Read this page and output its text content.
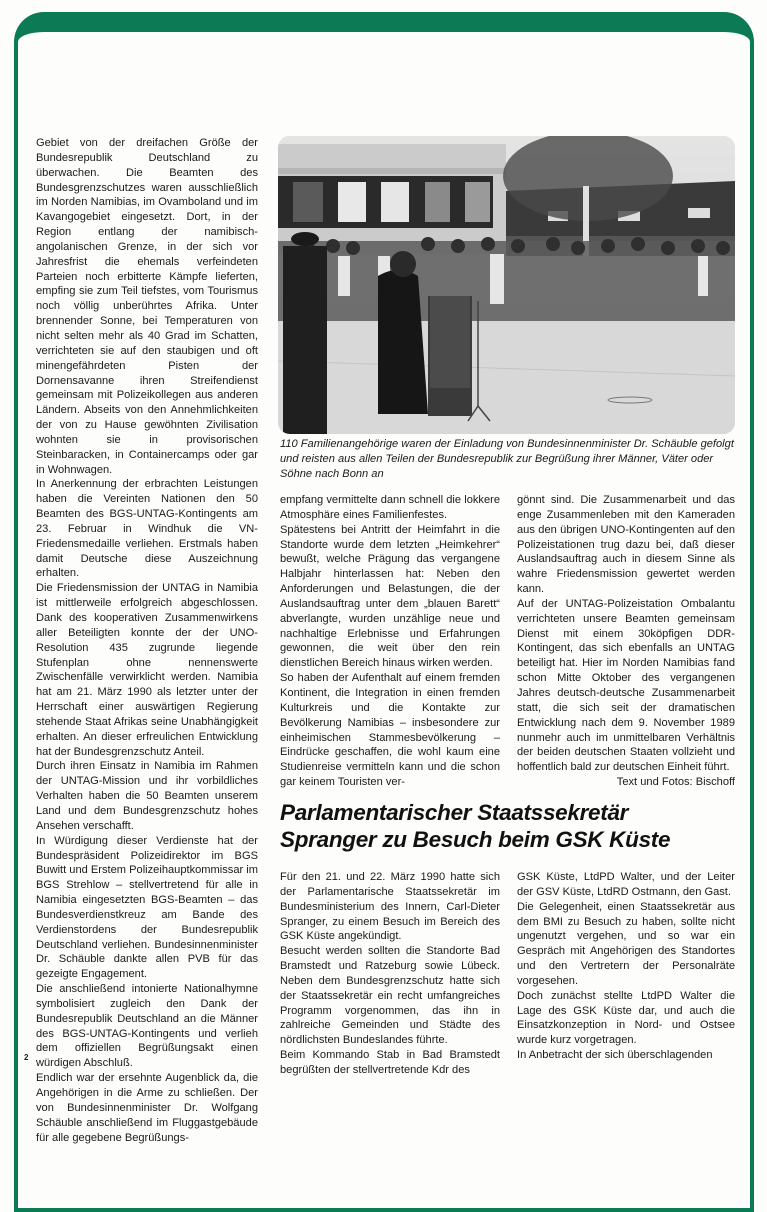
Gebiet von der dreifachen Größe der Bundesrepublik Deutschland zu überwachen. Die Beamten des Bundesgrenzschutzes waren ausschließlich im Norden Namibias, im Ovamboland und im Kavangogebiet eingesetzt. Dort, in der Region entlang der namibisch-angolanischen Grenze, in der sich vor Jahresfrist die ehemals verfeindeten Parteien noch erbitterte Kämpfe lieferten, empfing sie zum Teil tiefstes, vom Tourismus noch völlig unberührtes Afrika. Unter brennender Sonne, bei Temperaturen von nicht selten mehr als 40 Grad im Schatten, verrichteten sie auf den staubigen und oft minengefährdeten Pisten der Dornensavanne ihren Streifendienst gemeinsam mit Polizeikollegen aus anderen Ländern. Abseits von den Annehmlichkeiten der von zu Hause gewöhnten Zivilisation wohnten sie in provisorischen Steinbaracken, in Containercamps oder gar in Wohnwagen.

In Anerkennung der erbrachten Leistungen haben die Vereinten Nationen den 50 Beamten des BGS-UNTAG-Kontingents am 23. Februar in Windhuk die VN-Friedensmedaille verliehen. Erstmals haben damit Deutsche diese Auszeichnung erhalten.

Die Friedensmission der UNTAG in Namibia ist mittlerweile erfolgreich abgeschlossen. Dank des kooperativen Zusammenwirkens aller Beteiligten konnte der der UNO-Resolution 435 zugrunde liegende Stufenplan ohne nennenswerte Zwischenfälle verwirklicht werden. Namibia hat am 21. März 1990 als letzter unter der Herrschaft einer auswärtigen Regierung stehende Staat Afrikas seine Unabhängigkeit erhalten. An dieser erfreulichen Entwicklung hat der Bundesgrenzschutz Anteil.

Durch ihren Einsatz in Namibia im Rahmen der UNTAG-Mission und ihr vorbildliches Verhalten haben die 50 Beamten unserem Land und dem Bundesgrenzschutz hohes Ansehen verschafft.

In Würdigung dieser Verdienste hat der Bundespräsident Polizeidirektor im BGS Buwitt und Erstem Polizeihauptkommissar im BGS Strehlow – stellvertretend für alle in Namibia eingesetzten BGS-Beamten – das Bundesverdienstkreuz am Bande des Verdienstordens der Bundesrepublik Deutschland verliehen. Bundesinnenminister Dr. Schäuble dankte allen PVB für das gezeigte Engagement.

Die anschließend intonierte Nationalhymne symbolisiert zugleich den Dank der Bundesrepublik Deutschland an die Männer des BGS-UNTAG-Kontingents und verlieh dem offiziellen Begrüßungsakt einen würdigen Abschluß.

Endlich war der ersehnte Augenblick da, die Angehörigen in die Arme zu schließen. Der von Bundesinnenminister Dr. Wolfgang Schäuble anschließend im Fluggastgebäude für alle gegebene Begrüßungs-

110 Familienangehörige waren der Einladung von Bundesinnenminister Dr. Schäuble gefolgt und reisten aus allen Teilen der Bundesrepublik zur Begrüßung ihrer Männer, Väter oder Söhne nach Bonn an

empfang vermittelte dann schnell die lokkere Atmosphäre eines Familienfestes.

Spätestens bei Antritt der Heimfahrt in die Standorte wurde dem letzten „Heimkehrer“ bewußt, welche Prägung das vergangene Halbjahr hinterlassen hat: Neben den Anforderungen und Belastungen, die der Auslandsauftrag unter dem „blauen Barett“ abverlangte, wurden unzählige neue und nachhaltige Erlebnisse und Erfahrungen gewonnen, die weit über den rein dienstlichen Bereich hinaus wirken werden.

So haben der Aufenthalt auf einem fremden Kontinent, die Integration in einen fremden Kulturkreis und die Kontakte zur Bevölkerung Namibias – insbesondere zur einheimischen Stammesbevölkerung – Eindrücke geschaffen, die wohl kaum eine Studienreise vermitteln kann und die schon gar keinem Touristen ver-

gönnt sind. Die Zusammenarbeit und das enge Zusammenleben mit den Kameraden aus den übrigen UNO-Kontingenten auf den Polizeistationen trug dazu bei, daß dieser Auslandsauftrag auch in diesem Sinne als wahre Friedensmission gewertet werden kann.

Auf der UNTAG-Polizeistation Ombalantu verrichteten unsere Beamten gemeinsam Dienst mit einem 30köpfigen DDR-Kontingent, das sich ebenfalls an UNTAG beteiligt hat. Hier im Norden Namibias fand schon Mitte Oktober des vergangenen Jahres deutsch-deutsche Zusammenarbeit statt, die sich seit der dramatischen Entwicklung nach dem 9. November 1989 nunmehr auch im unmittelbaren Verhältnis der beiden deutschen Staaten vollzieht und hoffentlich bald zur deutschen Einheit führt.

Text und Fotos: Bischoff

Parlamentarischer Staatssekretär
Spranger zu Besuch beim GSK Küste

Für den 21. und 22. März 1990 hatte sich der Parlamentarische Staatssekretär im Bundesministerium des Innern, Carl-Dieter Spranger, zu einem Besuch im Bereich des GSK Küste angekündigt.

Besucht werden sollten die Standorte Bad Bramstedt und Ratzeburg sowie Lübeck. Neben dem Bundesgrenzschutz hatte sich der Staatssekretär ein recht umfangreiches Programm vorgenommen, das ihn in zahlreiche Gemeinden und Städte des nördlichsten Bundeslandes führte.

Beim Kommando Stab in Bad Bramstedt begrüßten der stellvertretende Kdr des

GSK Küste, LtdPD Walter, und der Leiter der GSV Küste, LtdRD Ostmann, den Gast.

Die Gelegenheit, einen Staatssekretär aus dem BMI zu Besuch zu haben, sollte nicht ungenutzt vergehen, und so war ein Gespräch mit Angehörigen des Standortes und den Vertretern der Personalräte vorgesehen.

Doch zunächst stellte LtdPD Walter die Lage des GSK Küste dar, und auch die Einsatzkonzeption in Nord- und Ostsee wurde kurz vorgetragen.

In Anbetracht der sich überschlagenden

2
